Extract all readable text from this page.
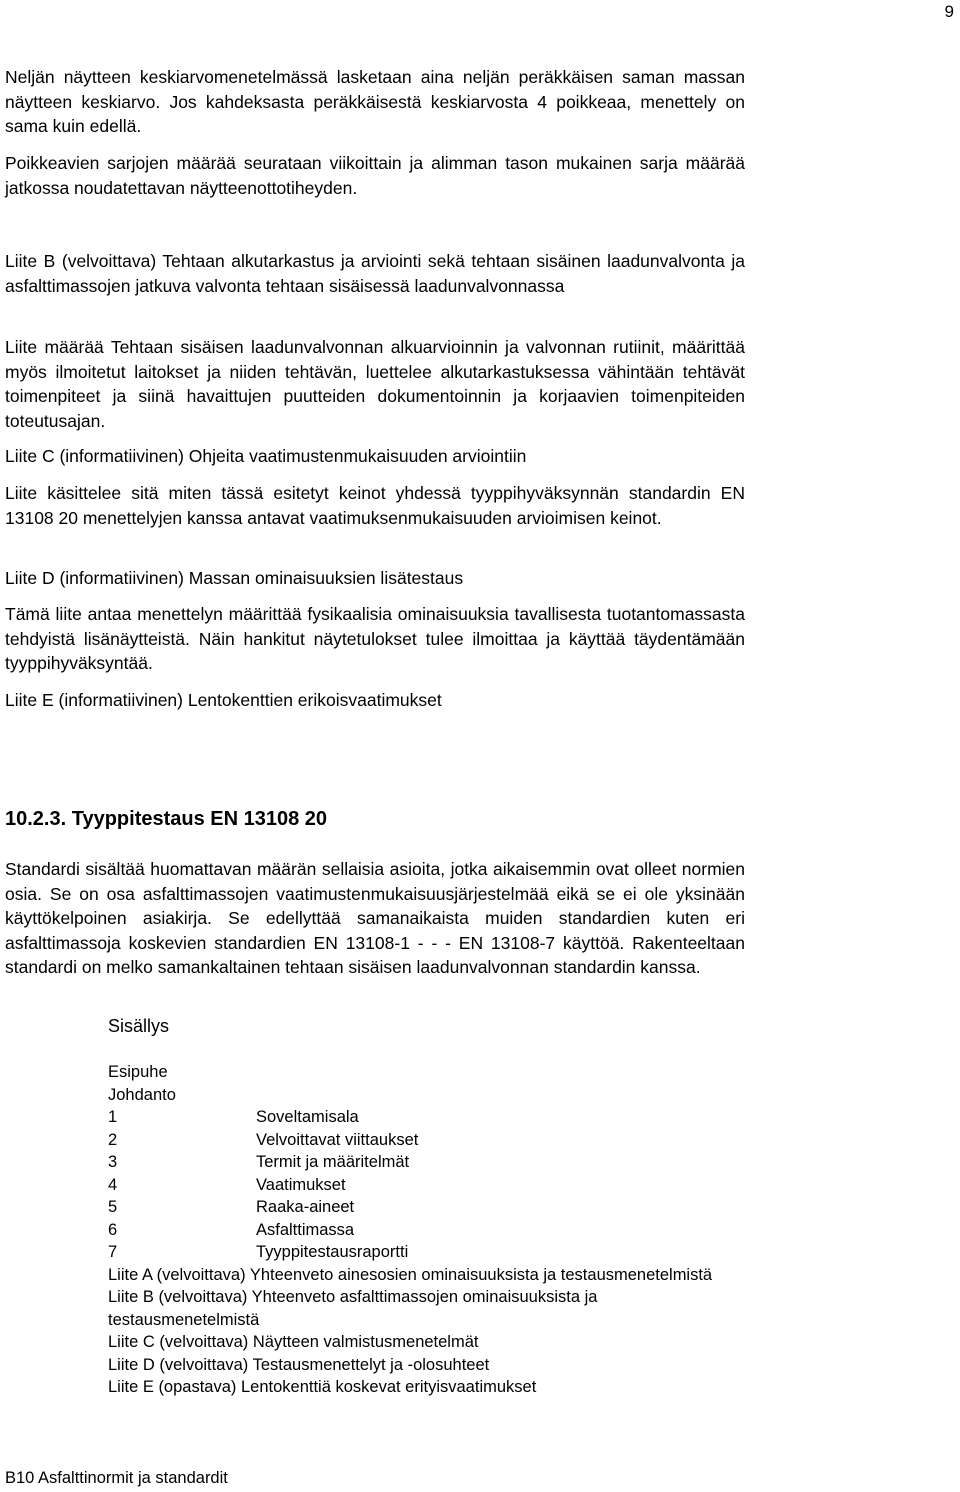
9

Neljän näytteen keskiarvomenetelmässä lasketaan aina neljän peräkkäisen saman massan näytteen keskiarvo. Jos kahdeksasta peräkkäisestä keskiarvosta 4 poikkeaa, menettely on sama kuin edellä.

Poikkeavien sarjojen määrää seurataan viikoittain ja alimman tason mukainen sarja määrää jatkossa noudatettavan näytteenottotiheyden.

Liite B (velvoittava) Tehtaan alkutarkastus ja arviointi sekä tehtaan sisäinen laadunvalvonta ja asfalttimassojen jatkuva valvonta tehtaan sisäisessä laadunvalvonnassa

Liite määrää Tehtaan sisäisen laadunvalvonnan alkuarvioinnin ja valvonnan rutiinit, määrittää myös ilmoitetut laitokset ja niiden tehtävän, luettelee alkutarkastuksessa vähintään tehtävät toimenpiteet ja siinä havaittujen puutteiden dokumentoinnin ja korjaavien toimenpiteiden toteutusajan.

Liite C (informatiivinen) Ohjeita vaatimustenmukaisuuden arviointiin

Liite käsittelee sitä miten tässä esitetyt keinot yhdessä tyyppihyväksynnän standardin EN 13108 20 menettelyjen kanssa antavat vaatimuksenmukaisuuden arvioimisen keinot.

Liite D (informatiivinen) Massan ominaisuuksien lisätestaus

Tämä liite antaa menettelyn määrittää fysikaalisia ominaisuuksia tavallisesta tuotantomassasta tehdyistä lisänäytteistä. Näin hankitut näytetulokset tulee ilmoittaa ja käyttää täydentämään tyyppihyväksyntää.

Liite E (informatiivinen) Lentokenttien erikoisvaatimukset

10.2.3. Tyyppitestaus EN 13108 20

Standardi sisältää huomattavan määrän sellaisia asioita, jotka aikaisemmin ovat olleet normien osia. Se on osa asfalttimassojen vaatimustenmukaisuusjärjestelmää eikä se ei ole yksinään käyttökelpoinen asiakirja. Se edellyttää samanaikaista muiden standardien kuten eri asfalttimassoja koskevien standardien EN 13108-1 - - - EN 13108-7 käyttöä. Rakenteeltaan standardi on melko samankaltainen tehtaan sisäisen laadunvalvonnan standardin kanssa.

Sisällys
Esipuhe
Johdanto
1	Soveltamisala
2	Velvoittavat viittaukset
3	Termit ja määritelmät
4	Vaatimukset
5	Raaka-aineet
6	Asfalttimassa
7	Tyyppitestausraportti
Liite A (velvoittava) Yhteenveto ainesosien ominaisuuksista ja testausmenetelmistä
Liite B (velvoittava) Yhteenveto asfalttimassojen ominaisuuksista ja testausmenetelmistä
Liite C (velvoittava) Näytteen valmistusmenetelmät
Liite D (velvoittava) Testausmenettelyt ja -olosuhteet
Liite E (opastava) Lentokenttiä koskevat erityisvaatimukset
B10 Asfalttinormit ja standardit
